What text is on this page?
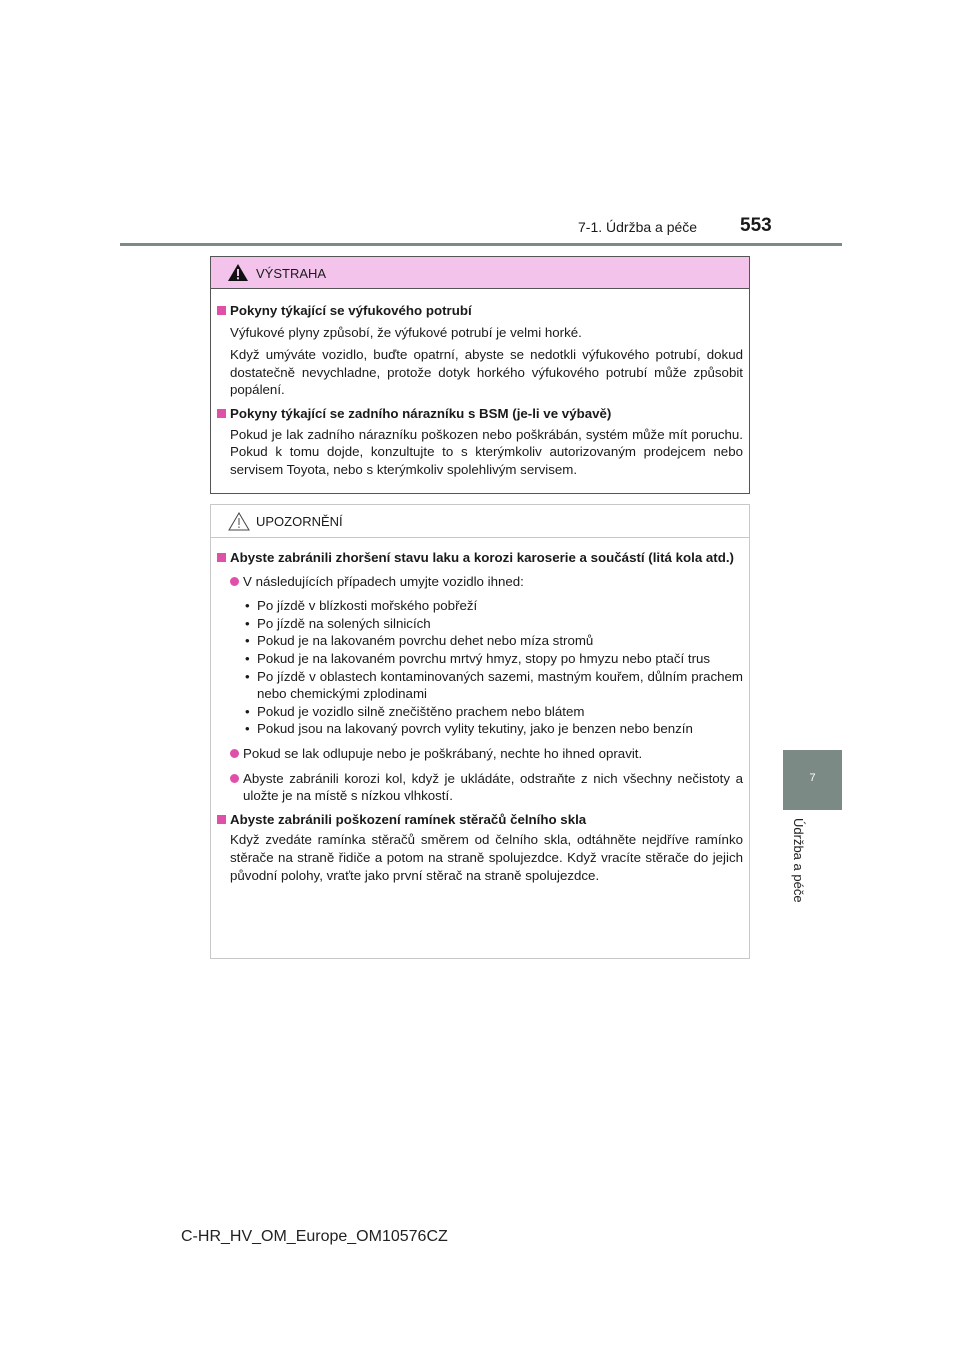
7-1. Údržba a péče 553
7
Údržba a péče
VÝSTRAHA
Pokyny týkající se výfukového potrubí
Výfukové plyny způsobí, že výfukové potrubí je velmi horké.
Když umýváte vozidlo, buďte opatrní, abyste se nedotkli výfukového potrubí, dokud dostatečně nevychladne, protože dotyk horkého výfukového potrubí může způsobit popálení.
Pokyny týkající se zadního nárazníku s BSM (je-li ve výbavě)
Pokud je lak zadního nárazníku poškozen nebo poškrábán, systém může mít poruchu. Pokud k tomu dojde, konzultujte to s kterýmkoliv autorizovaným prodejcem nebo servisem Toyota, nebo s kterýmkoliv spolehlivým servisem.
UPOZORNĚNÍ
Abyste zabránili zhoršení stavu laku a korozi karoserie a součástí (litá kola atd.)
V následujících případech umyjte vozidlo ihned:
• Po jízdě v blízkosti mořského pobřeží
• Po jízdě na solených silnicích
• Pokud je na lakovaném povrchu dehet nebo míza stromů
• Pokud je na lakovaném povrchu mrtvý hmyz, stopy po hmyzu nebo ptačí trus
• Po jízdě v oblastech kontaminovaných sazemi, mastným kouřem, důlním prachem nebo chemickými zplodinami
• Pokud je vozidlo silně znečištěno prachem nebo blátem
• Pokud jsou na lakovaný povrch vylity tekutiny, jako je benzen nebo benzín
Pokud se lak odlupuje nebo je poškrábaný, nechte ho ihned opravit.
Abyste zabránili korozi kol, když je ukládáte, odstraňte z nich všechny nečistoty a uložte je na místě s nízkou vlhkostí.
Abyste zabránili poškození ramínek stěračů čelního skla
Když zvedáte ramínka stěračů směrem od čelního skla, odtáhněte nejdříve ramínko stěrače na straně řidiče a potom na straně spolujezdce. Když vracíte stěrače do jejich původní polohy, vraťte jako první stěrač na straně spolujezdce.
C-HR_HV_OM_Europe_OM10576CZ
